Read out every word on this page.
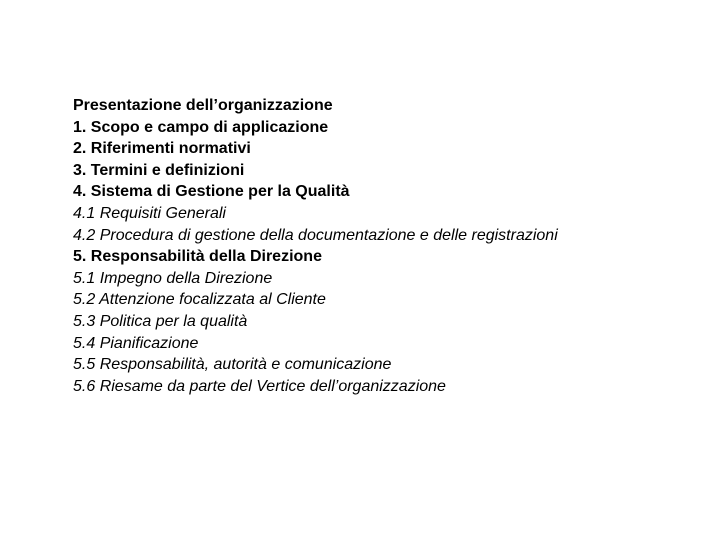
Presentazione dell’organizzazione
1. Scopo e campo di applicazione
2. Riferimenti normativi
3. Termini e definizioni
4. Sistema di Gestione per la Qualità
4.1 Requisiti Generali
4.2 Procedura di gestione della documentazione e delle registrazioni
5. Responsabilità della Direzione
5.1 Impegno della Direzione
5.2 Attenzione focalizzata al Cliente
5.3 Politica per la qualità
5.4 Pianificazione
5.5 Responsabilità, autorità e comunicazione
5.6 Riesame da parte del Vertice dell’organizzazione
